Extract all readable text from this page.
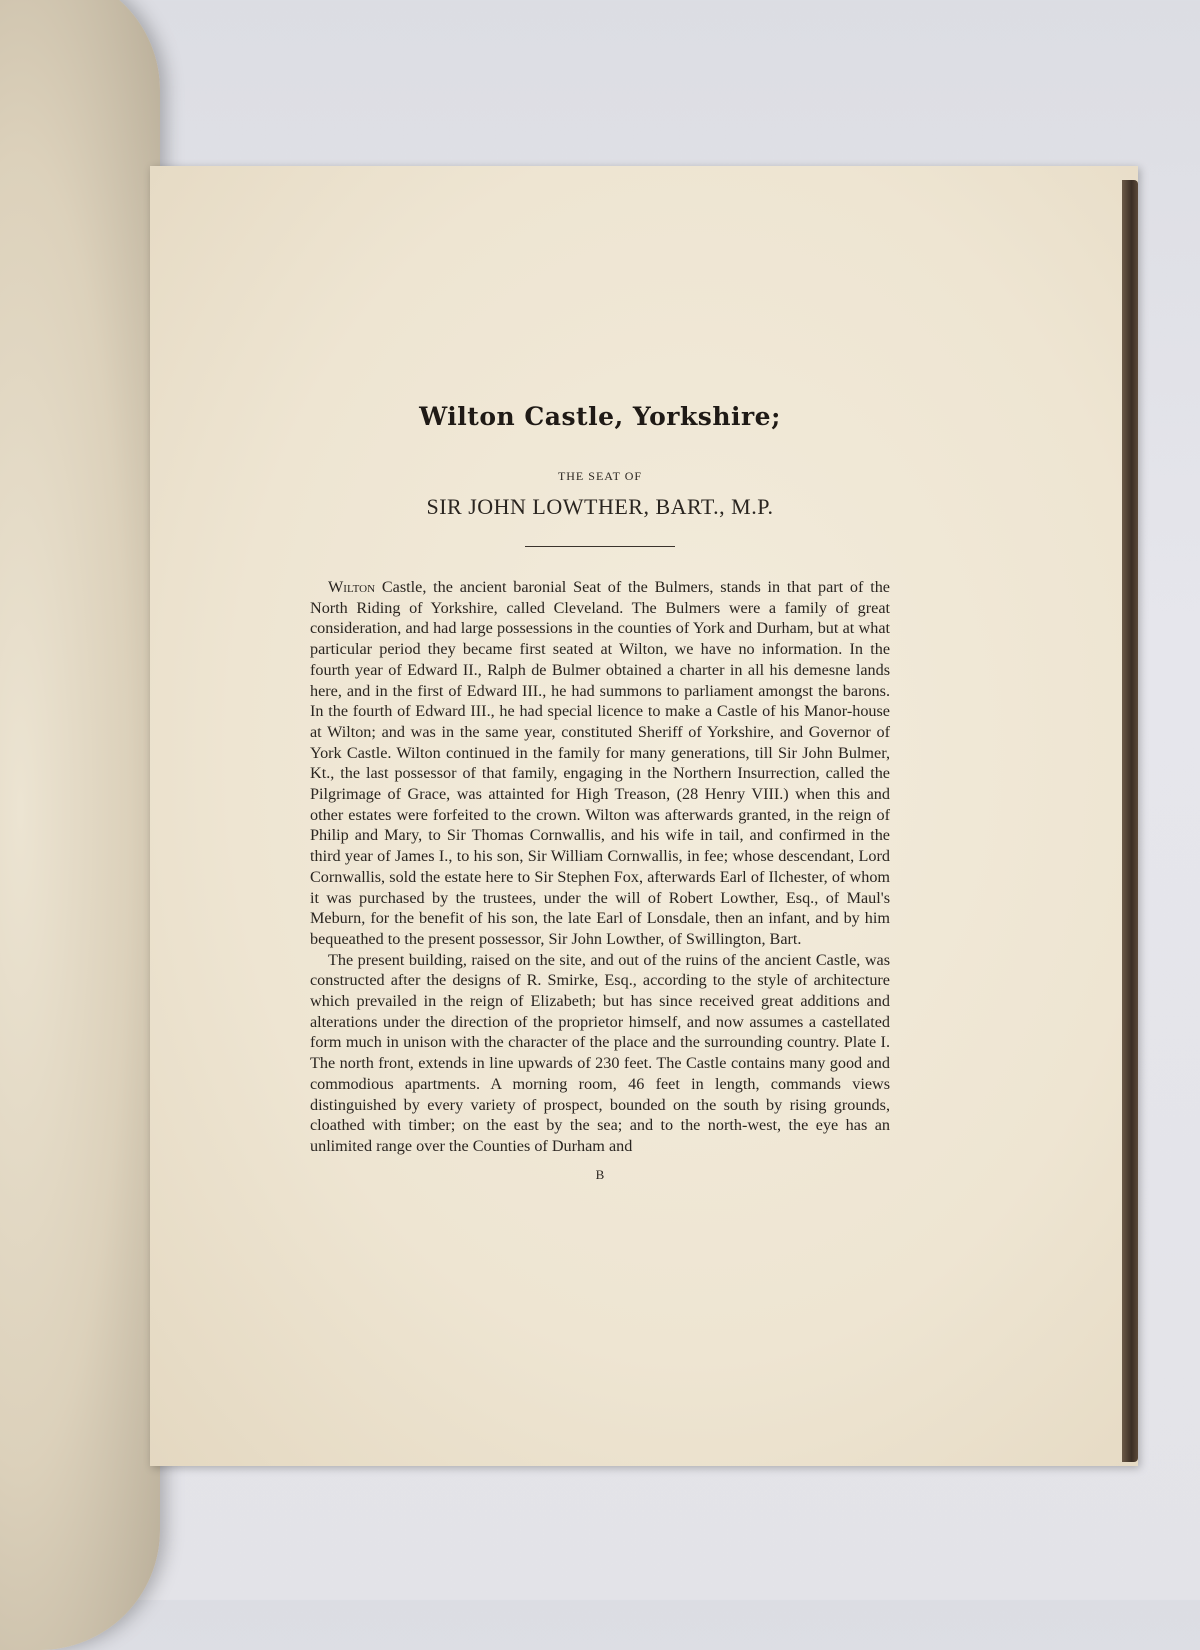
Wilton Castle, Yorkshire;
THE SEAT OF
SIR JOHN LOWTHER, BART., M.P.

Wilton Castle, the ancient baronial Seat of the Bulmers, stands in that part of the North Riding of Yorkshire, called Cleveland. The Bulmers were a family of great consideration, and had large possessions in the counties of York and Durham, but at what particular period they became first seated at Wilton, we have no information. In the fourth year of Edward II., Ralph de Bulmer obtained a charter in all his demesne lands here, and in the first of Edward III., he had summons to parliament amongst the barons. In the fourth of Edward III., he had special licence to make a Castle of his Manor-house at Wilton; and was in the same year, constituted Sheriff of Yorkshire, and Governor of York Castle. Wilton continued in the family for many generations, till Sir John Bulmer, Kt., the last possessor of that family, engaging in the Northern Insurrection, called the Pilgrimage of Grace, was attainted for High Treason, (28 Henry VIII.) when this and other estates were forfeited to the crown. Wilton was afterwards granted, in the reign of Philip and Mary, to Sir Thomas Cornwallis, and his wife in tail, and confirmed in the third year of James I., to his son, Sir William Cornwallis, in fee; whose descendant, Lord Cornwallis, sold the estate here to Sir Stephen Fox, afterwards Earl of Ilchester, of whom it was purchased by the trustees, under the will of Robert Lowther, Esq., of Maul's Meburn, for the benefit of his son, the late Earl of Lonsdale, then an infant, and by him bequeathed to the present possessor, Sir John Lowther, of Swillington, Bart.

The present building, raised on the site, and out of the ruins of the ancient Castle, was constructed after the designs of R. Smirke, Esq., according to the style of architecture which prevailed in the reign of Elizabeth; but has since received great additions and alterations under the direction of the proprietor himself, and now assumes a castellated form much in unison with the character of the place and the surrounding country. Plate I. The north front, extends in line upwards of 230 feet. The Castle contains many good and commodious apartments. A morning room, 46 feet in length, commands views distinguished by every variety of prospect, bounded on the south by rising grounds, cloathed with timber; on the east by the sea; and to the north-west, the eye has an unlimited range over the Counties of Durham and

B
